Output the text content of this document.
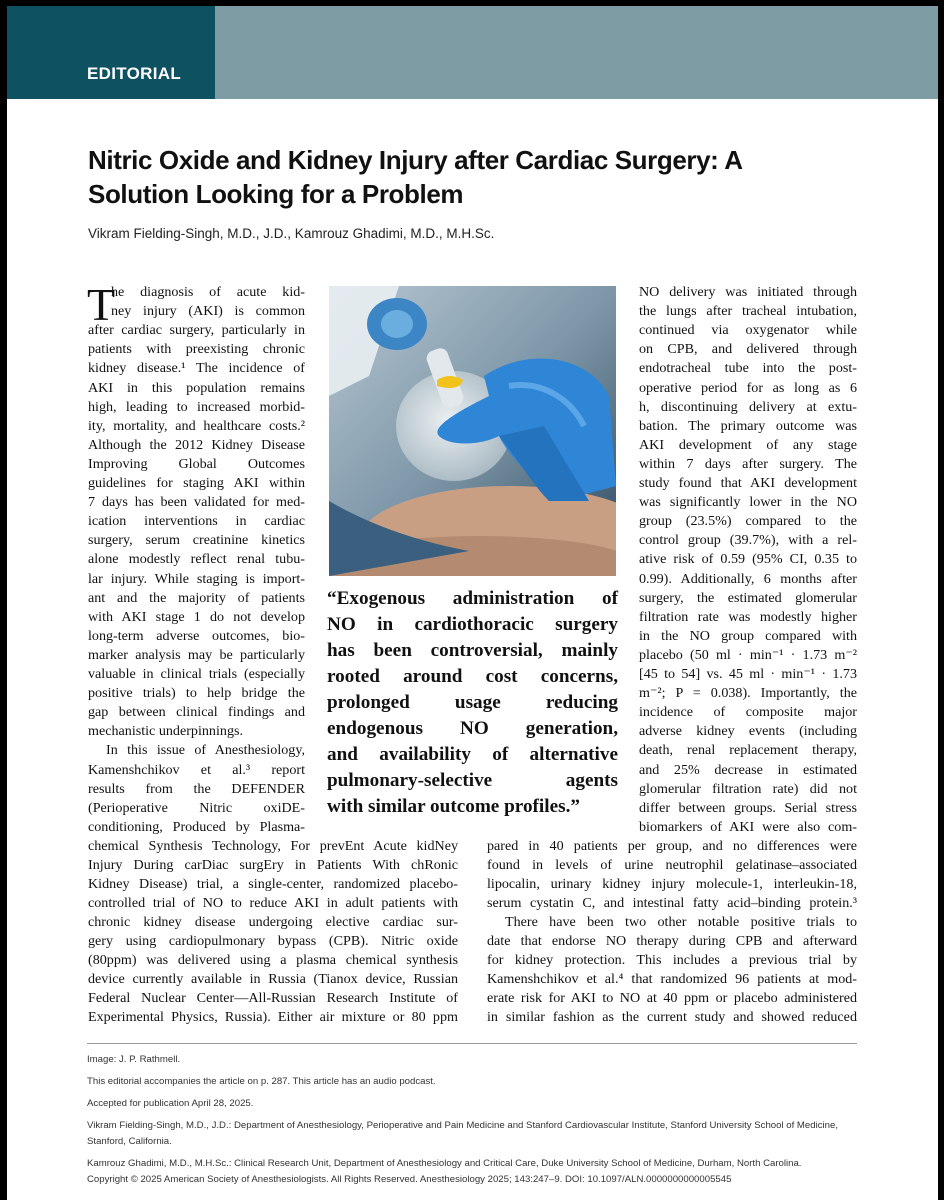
EDITORIAL
Nitric Oxide and Kidney Injury after Cardiac Surgery: A
Solution Looking for a Problem
Vikram Fielding-Singh, M.D., J.D., Kamrouz Ghadimi, M.D., M.H.Sc.
T
he diagnosis of acute kid-
ney injury (AKI) is common
after cardiac surgery, particularly in
patients with preexisting chronic
kidney disease.¹ The incidence of
AKI in this population remains
high, leading to increased morbid-
ity, mortality, and healthcare costs.²
Although the 2012 Kidney Disease
Improving Global Outcomes
guidelines for staging AKI within
7 days has been validated for med-
ication interventions in cardiac
surgery, serum creatinine kinetics
alone modestly reflect renal tubu-
lar injury. While staging is import-
ant and the majority of patients
with AKI stage 1 do not develop
long-term adverse outcomes, bio-
marker analysis may be particularly
valuable in clinical trials (especially
positive trials) to help bridge the
gap between clinical findings and
mechanistic underpinnings.
In this issue of Anesthesiology,
Kamenshchikov et al.³ report
results from the DEFENDER
(Perioperative Nitric oxiDE-
conditioning, Produced by Plasma-
“Exogenous administration of
NO in cardiothoracic surgery
has been controversial, mainly
rooted around cost concerns,
prolonged usage reducing
endogenous NO generation,
and availability of alternative
pulmonary-selective agents
with similar outcome profiles.”
NO delivery was initiated through
the lungs after tracheal intubation,
continued via oxygenator while
on CPB, and delivered through
endotracheal tube into the post-
operative period for as long as 6
h, discontinuing delivery at extu-
bation. The primary outcome was
AKI development of any stage
within 7 days after surgery. The
study found that AKI development
was significantly lower in the NO
group (23.5%) compared to the
control group (39.7%), with a rel-
ative risk of 0.59 (95% CI, 0.35 to
0.99). Additionally, 6 months after
surgery, the estimated glomerular
filtration rate was modestly higher
in the NO group compared with
placebo (50 ml · min⁻¹ · 1.73 m⁻²
[45 to 54] vs. 45 ml · min⁻¹ · 1.73
m⁻²; P = 0.038). Importantly, the
incidence of composite major
adverse kidney events (including
death, renal replacement therapy,
and 25% decrease in estimated
glomerular filtration rate) did not
differ between groups. Serial stress
biomarkers of AKI were also com-
chemical Synthesis Technology, For prevEnt Acute kidNey
Injury During carDiac surgEry in Patients With chRonic
Kidney Disease) trial, a single-center, randomized placebo-
controlled trial of NO to reduce AKI in adult patients with
chronic kidney disease undergoing elective cardiac sur-
gery using cardiopulmonary bypass (CPB). Nitric oxide
(80ppm) was delivered using a plasma chemical synthesis
device currently available in Russia (Tianox device, Russian
Federal Nuclear Center—All-Russian Research Institute of
Experimental Physics, Russia). Either air mixture or 80 ppm
pared in 40 patients per group, and no differences were
found in levels of urine neutrophil gelatinase–associated
lipocalin, urinary kidney injury molecule-1, interleukin-18,
serum cystatin C, and intestinal fatty acid–binding protein.³
There have been two other notable positive trials to
date that endorse NO therapy during CPB and afterward
for kidney protection. This includes a previous trial by
Kamenshchikov et al.⁴ that randomized 96 patients at mod-
erate risk for AKI to NO at 40 ppm or placebo administered
in similar fashion as the current study and showed reduced
Image: J. P. Rathmell.
This editorial accompanies the article on p. 287. This article has an audio podcast.
Accepted for publication April 28, 2025.
Vikram Fielding-Singh, M.D., J.D.: Department of Anesthesiology, Perioperative and Pain Medicine and Stanford Cardiovascular Institute, Stanford University School of Medicine,
Stanford, California.
Kamrouz Ghadimi, M.D., M.H.Sc.: Clinical Research Unit, Department of Anesthesiology and Critical Care, Duke University School of Medicine, Durham, North Carolina.
Copyright © 2025 American Society of Anesthesiologists. All Rights Reserved. Anesthesiology 2025; 143:247–9. DOI: 10.1097/ALN.0000000000005545
